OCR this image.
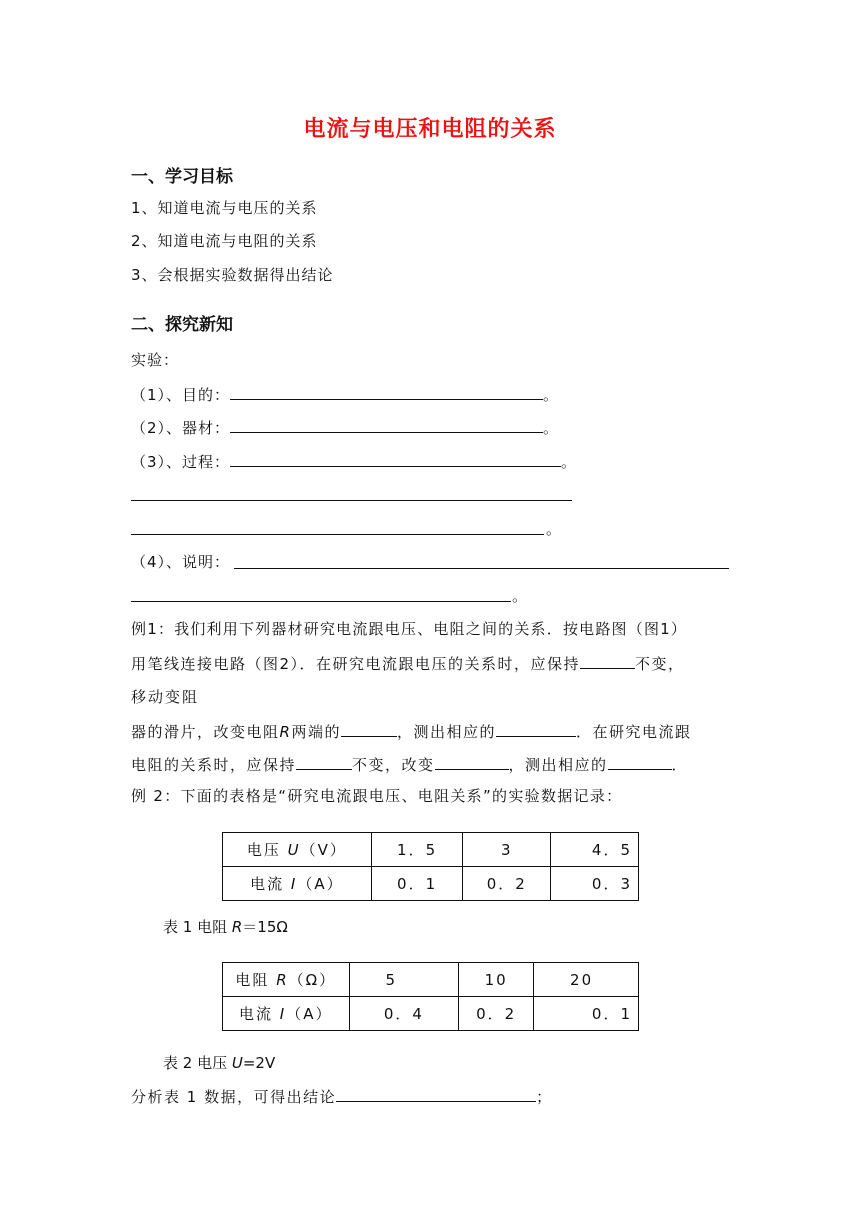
电流与电压和电阻的关系
一、学习目标
1、知道电流与电压的关系
2、知道电流与电阻的关系
3、会根据实验数据得出结论
二、探究新知
实验：
（1）、目的：	。
（2）、器材：	。
（3）、过程：	。
。
（4）、说明：
。
例1：我们利用下列器材研究电流跟电压、电阻之间的关系．按电路图（图1）
用笔线连接电路（图2）．在研究电流跟电压的关系时，应保持	不变，
移动变阻
器的滑片，改变电阻R两端的	，测出相应的	．在研究电流跟
电阻的关系时，应保持	不变，改变	，测出相应的	．
例 2：下面的表格是“研究电流跟电压、电阻关系”的实验数据记录：
电压 U（V）	1．5	3	4．5
电流 I（A）	0．1	0．2	0．3
表 1 电阻 R＝15Ω
电阻 R（Ω）	5	10	20
电流 I（A）	0．4	0．2	0．1
表 2 电压 U=2V
分析表 1 数据，可得出结论	；
